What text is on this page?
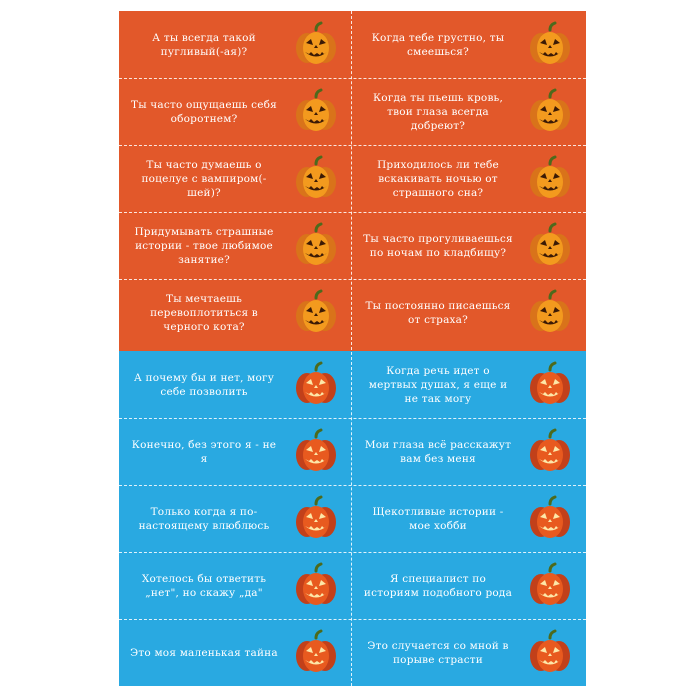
А ты всегда такой пугливый(-ая)?
Когда тебе грустно, ты смеешься?
Ты часто ощущаешь себя оборотнем?
Когда ты пьешь кровь, твои глаза всегда добреют?
Ты часто думаешь о поцелуе с вампиром(-шей)?
Приходилось ли тебе вскакивать ночью от страшного сна?
Придумывать страшные истории - твое любимое занятие?
Ты часто прогуливаешься по ночам по кладбищу?
Ты мечтаешь перевоплотиться в черного кота?
Ты постоянно писаешься от страха?
А почему бы и нет, могу себе позволить
Когда речь идет о мертвых душах, я еще и не так могу
Конечно, без этого я - не я
Мои глаза всё расскажут вам без меня
Только когда я по-настоящему влюблюсь
Щекотливые истории - мое хобби
Хотелось бы ответить „нет", но скажу „да"
Я специалист по историям подобного рода
Это моя маленькая тайна
Это случается со мной в порыве страсти
